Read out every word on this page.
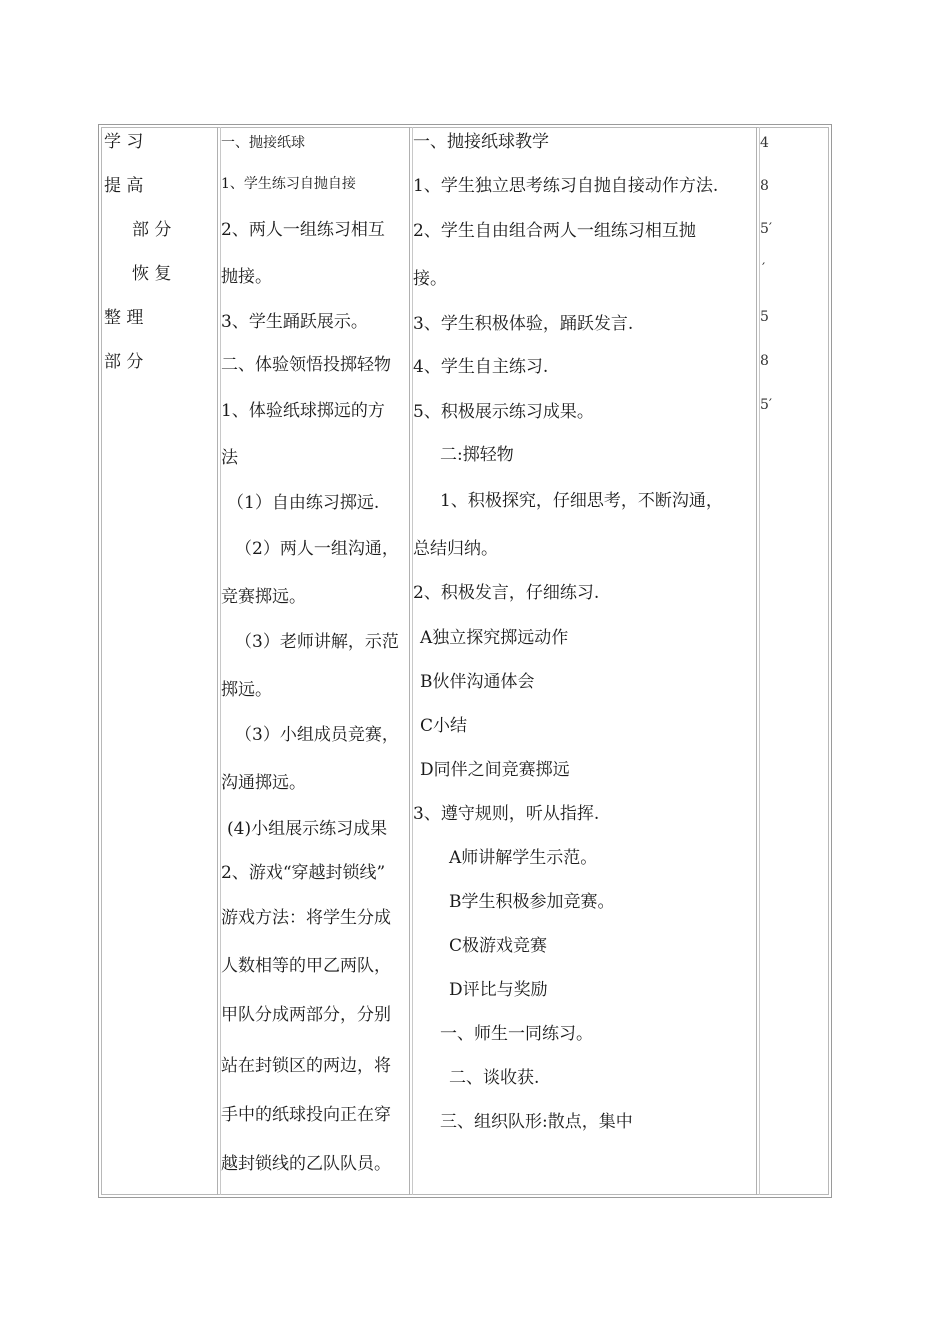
学 习
提 高
部 分
恢 复
整 理
部 分
一、抛接纸球
1、学生练习自抛自接
2、两人一组练习相互
抛接。
3、学生踊跃展示。
二、体验领悟投掷轻物
1、体验纸球掷远的方
法
（1）自由练习掷远.
（2）两人一组沟通，
竞赛掷远。
（3）老师讲解，示范
掷远。
（3）小组成员竞赛，
沟通掷远。
(4)小组展示练习成果
2、游戏“穿越封锁线”
游戏方法：将学生分成
人数相等的甲乙两队，
甲队分成两部分，分别
站在封锁区的两边，将
手中的纸球投向正在穿
越封锁线的乙队队员。
一、抛接纸球教学
1、学生独立思考练习自抛自接动作方法.
2、学生自由组合两人一组练习相互抛
接。
3、学生积极体验，踊跃发言.
4、学生自主练习.
5、积极展示练习成果。
二:掷轻物
1、积极探究，仔细思考，不断沟通，
总结归纳。
2、积极发言，仔细练习.
A独立探究掷远动作
B伙伴沟通体会
C小结
D同伴之间竞赛掷远
3、遵守规则，听从指挥.
A师讲解学生示范。
B学生积极参加竞赛。
C极游戏竞赛
D评比与奖励
一、师生一同练习。
二、谈收获.
三、组织队形:散点，集中
4
8
5′
′
5
8
5′
